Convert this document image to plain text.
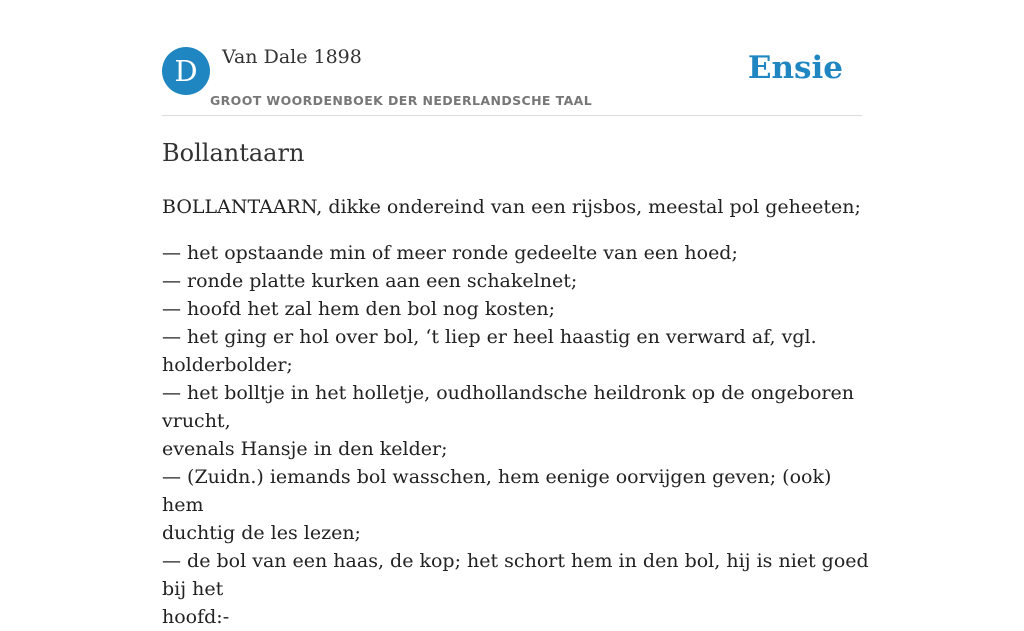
D Van Dale 1898
GROOT WOORDENBOEK DER NEDERLANDSCHE TAAL
Ensie
Bollantaarn

BOLLANTAARN, dikke ondereind van een rijsbos, meestal pol geheeten;

— het opstaande min of meer ronde gedeelte van een hoed;
— ronde platte kurken aan een schakelnet;
— hoofd het zal hem den bol nog kosten;
— het ging er hol over bol, ‘t liep er heel haastig en verward af, vgl. holderbolder;
— het bolltje in het holletje, oudhollandsche heildronk op de ongeboren vrucht,
evenals Hansje in den kelder;
— (Zuidn.) iemands bol wasschen, hem eenige oorvijgen geven; (ook) hem
duchtig de les lezen;
— de bol van een haas, de kop; het schort hem in den bol, hij is niet goed bij het
hoofd:-
